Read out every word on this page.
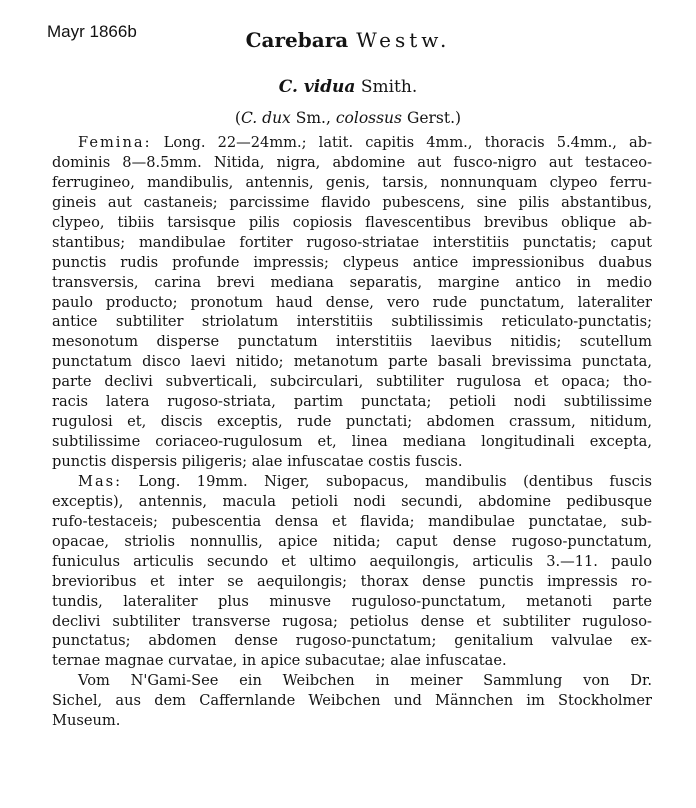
Mayr 1866b	Carebara Westw.
C. vidua Smith.
(C. dux Sm., colossus Gerst.)
Femina: Long. 22—24mm.; latit. capitis 4mm., thoracis 5.4mm., ab-
dominis 8—8.5mm. Nitida, nigra, abdomine aut fusco-nigro aut testaceo-
ferrugineo, mandibulis, antennis, genis, tarsis, nonnunquam clypeo ferru-
gineis aut castaneis; parcissime flavido pubescens, sine pilis abstantibus,
clypeo, tibiis tarsisque pilis copiosis flavescentibus brevibus oblique ab-
stantibus; mandibulae fortiter rugoso-striatae interstitiis punctatis; caput
punctis rudis profunde impressis; clypeus antice impressionibus duabus
transversis, carina brevi mediana separatis, margine antico in medio
paulo producto; pronotum haud dense, vero rude punctatum, lateraliter
antice subtiliter striolatum interstitiis subtilissimis reticulato-punctatis;
mesonotum disperse punctatum interstitiis laevibus nitidis; scutellum
punctatum disco laevi nitido; metanotum parte basali brevissima punctata,
parte declivi subverticali, subcirculari, subtiliter rugulosa et opaca; tho-
racis latera rugoso-striata, partim punctata; petioli nodi subtilissime
rugulosi et, discis exceptis, rude punctati; abdomen crassum, nitidum,
subtilissime coriaceo-rugulosum et, linea mediana longitudinali excepta,
punctis dispersis piligeris; alae infuscatae costis fuscis.
Mas: Long. 19mm. Niger, subopacus, mandibulis (dentibus fuscis
exceptis), antennis, macula petioli nodi secundi, abdomine pedibusque
rufo-testaceis; pubescentia densa et flavida; mandibulae punctatae, sub-
opacae, striolis nonnullis, apice nitida; caput dense rugoso-punctatum,
funiculus articulis secundo et ultimo aequilongis, articulis 3.—11. paulo
brevioribus et inter se aequilongis; thorax dense punctis impressis ro-
tundis, lateraliter plus minusve ruguloso-punctatum, metanoti parte
declivi subtiliter transverse rugosa; petiolus dense et subtiliter ruguloso-
punctatus; abdomen dense rugoso-punctatum; genitalium valvulae ex-
ternae magnae curvatae, in apice subacutae; alae infuscatae.
Vom N'Gami-See ein Weibchen in meiner Sammlung von Dr.
Sichel, aus dem Caffernlande Weibchen und Männchen im Stockholmer
Museum.
